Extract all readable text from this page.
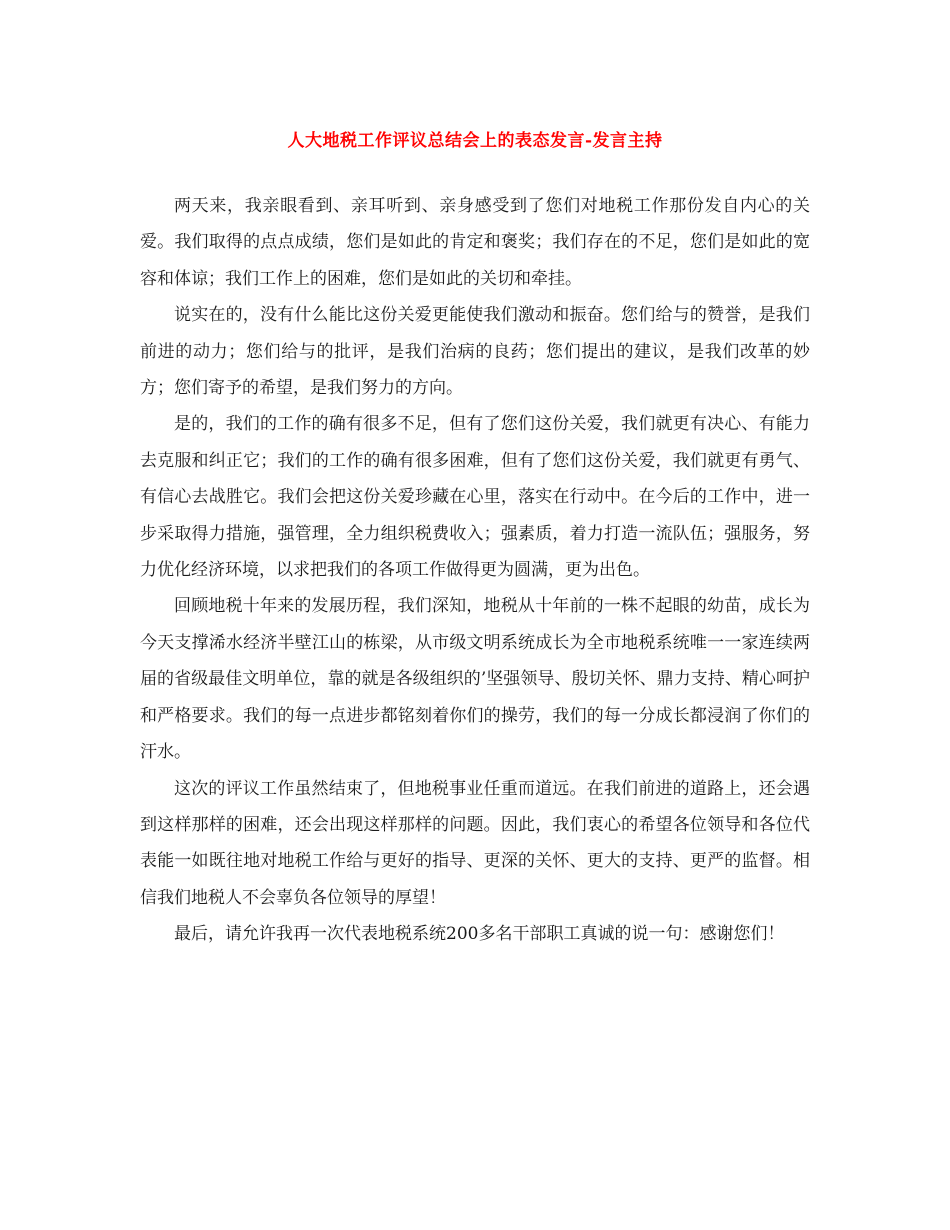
人大地税工作评议总结会上的表态发言-发言主持

两天来，我亲眼看到、亲耳听到、亲身感受到了您们对地税工作那份发自内心的关爱。我们取得的点点成绩，您们是如此的肯定和褒奖；我们存在的不足，您们是如此的宽容和体谅；我们工作上的困难，您们是如此的关切和牵挂。

说实在的，没有什么能比这份关爱更能使我们激动和振奋。您们给与的赞誉，是我们前进的动力；您们给与的批评，是我们治病的良药；您们提出的建议，是我们改革的妙方；您们寄予的希望，是我们努力的方向。

是的，我们的工作的确有很多不足，但有了您们这份关爱，我们就更有决心、有能力去克服和纠正它；我们的工作的确有很多困难，但有了您们这份关爱，我们就更有勇气、有信心去战胜它。我们会把这份关爱珍藏在心里，落实在行动中。在今后的工作中，进一步采取得力措施，强管理，全力组织税费收入；强素质，着力打造一流队伍；强服务，努力优化经济环境，以求把我们的各项工作做得更为圆满，更为出色。

回顾地税十年来的发展历程，我们深知，地税从十年前的一株不起眼的幼苗，成长为今天支撑浠水经济半壁江山的栋梁，从市级文明系统成长为全市地税系统唯一一家连续两届的省级最佳文明单位，靠的就是各级组织的’坚强领导、殷切关怀、鼎力支持、精心呵护和严格要求。我们的每一点进步都铭刻着你们的操劳，我们的每一分成长都浸润了你们的汗水。

这次的评议工作虽然结束了，但地税事业任重而道远。在我们前进的道路上，还会遇到这样那样的困难，还会出现这样那样的问题。因此，我们衷心的希望各位领导和各位代表能一如既往地对地税工作给与更好的指导、更深的关怀、更大的支持、更严的监督。相信我们地税人不会辜负各位领导的厚望！

最后，请允许我再一次代表地税系统200多名干部职工真诚的说一句：感谢您们！
